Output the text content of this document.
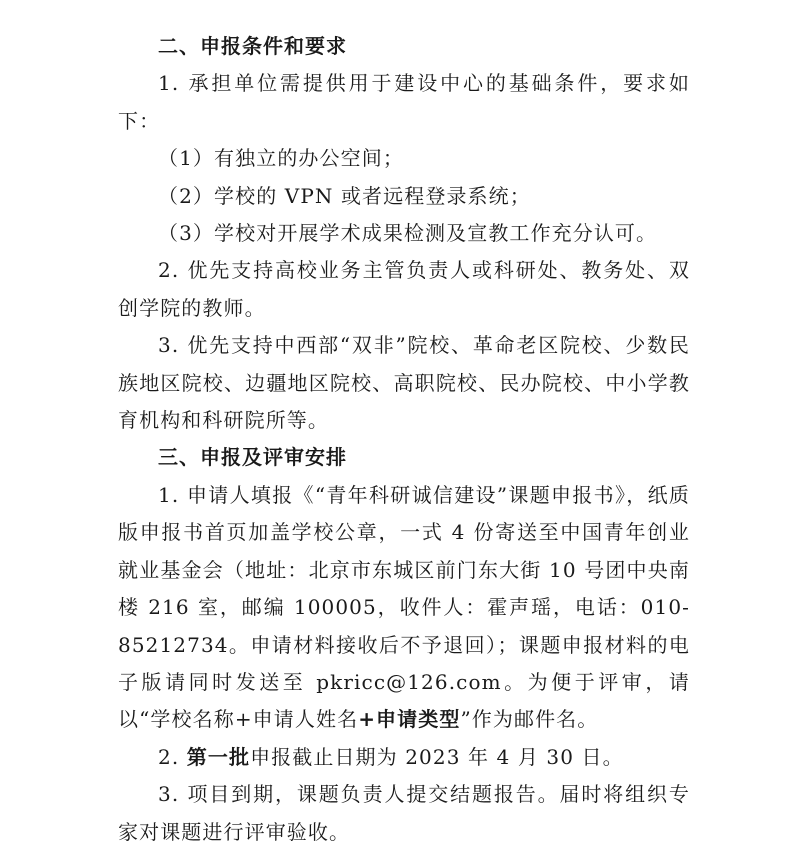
二、申报条件和要求

1. 承担单位需提供用于建设中心的基础条件，要求如下：

（1）有独立的办公空间；

（2）学校的 VPN 或者远程登录系统；

（3）学校对开展学术成果检测及宣教工作充分认可。

2. 优先支持高校业务主管负责人或科研处、教务处、双创学院的教师。

3. 优先支持中西部“双非”院校、革命老区院校、少数民族地区院校、边疆地区院校、高职院校、民办院校、中小学教育机构和科研院所等。

三、申报及评审安排

1. 申请人填报《“青年科研诚信建设”课题申报书》，纸质版申报书首页加盖学校公章，一式 4 份寄送至中国青年创业就业基金会（地址：北京市东城区前门东大街 10 号团中央南楼 216 室，邮编 100005，收件人：霍声瑶，电话：010-85212734。申请材料接收后不予退回）；课题申报材料的电子版请同时发送至 pkricc@126.com。为便于评审，请以“学校名称+申请人姓名+申请类型”作为邮件名。

2. 第一批申报截止日期为 2023 年 4 月 30 日。

3. 项目到期，课题负责人提交结题报告。届时将组织专家对课题进行评审验收。
